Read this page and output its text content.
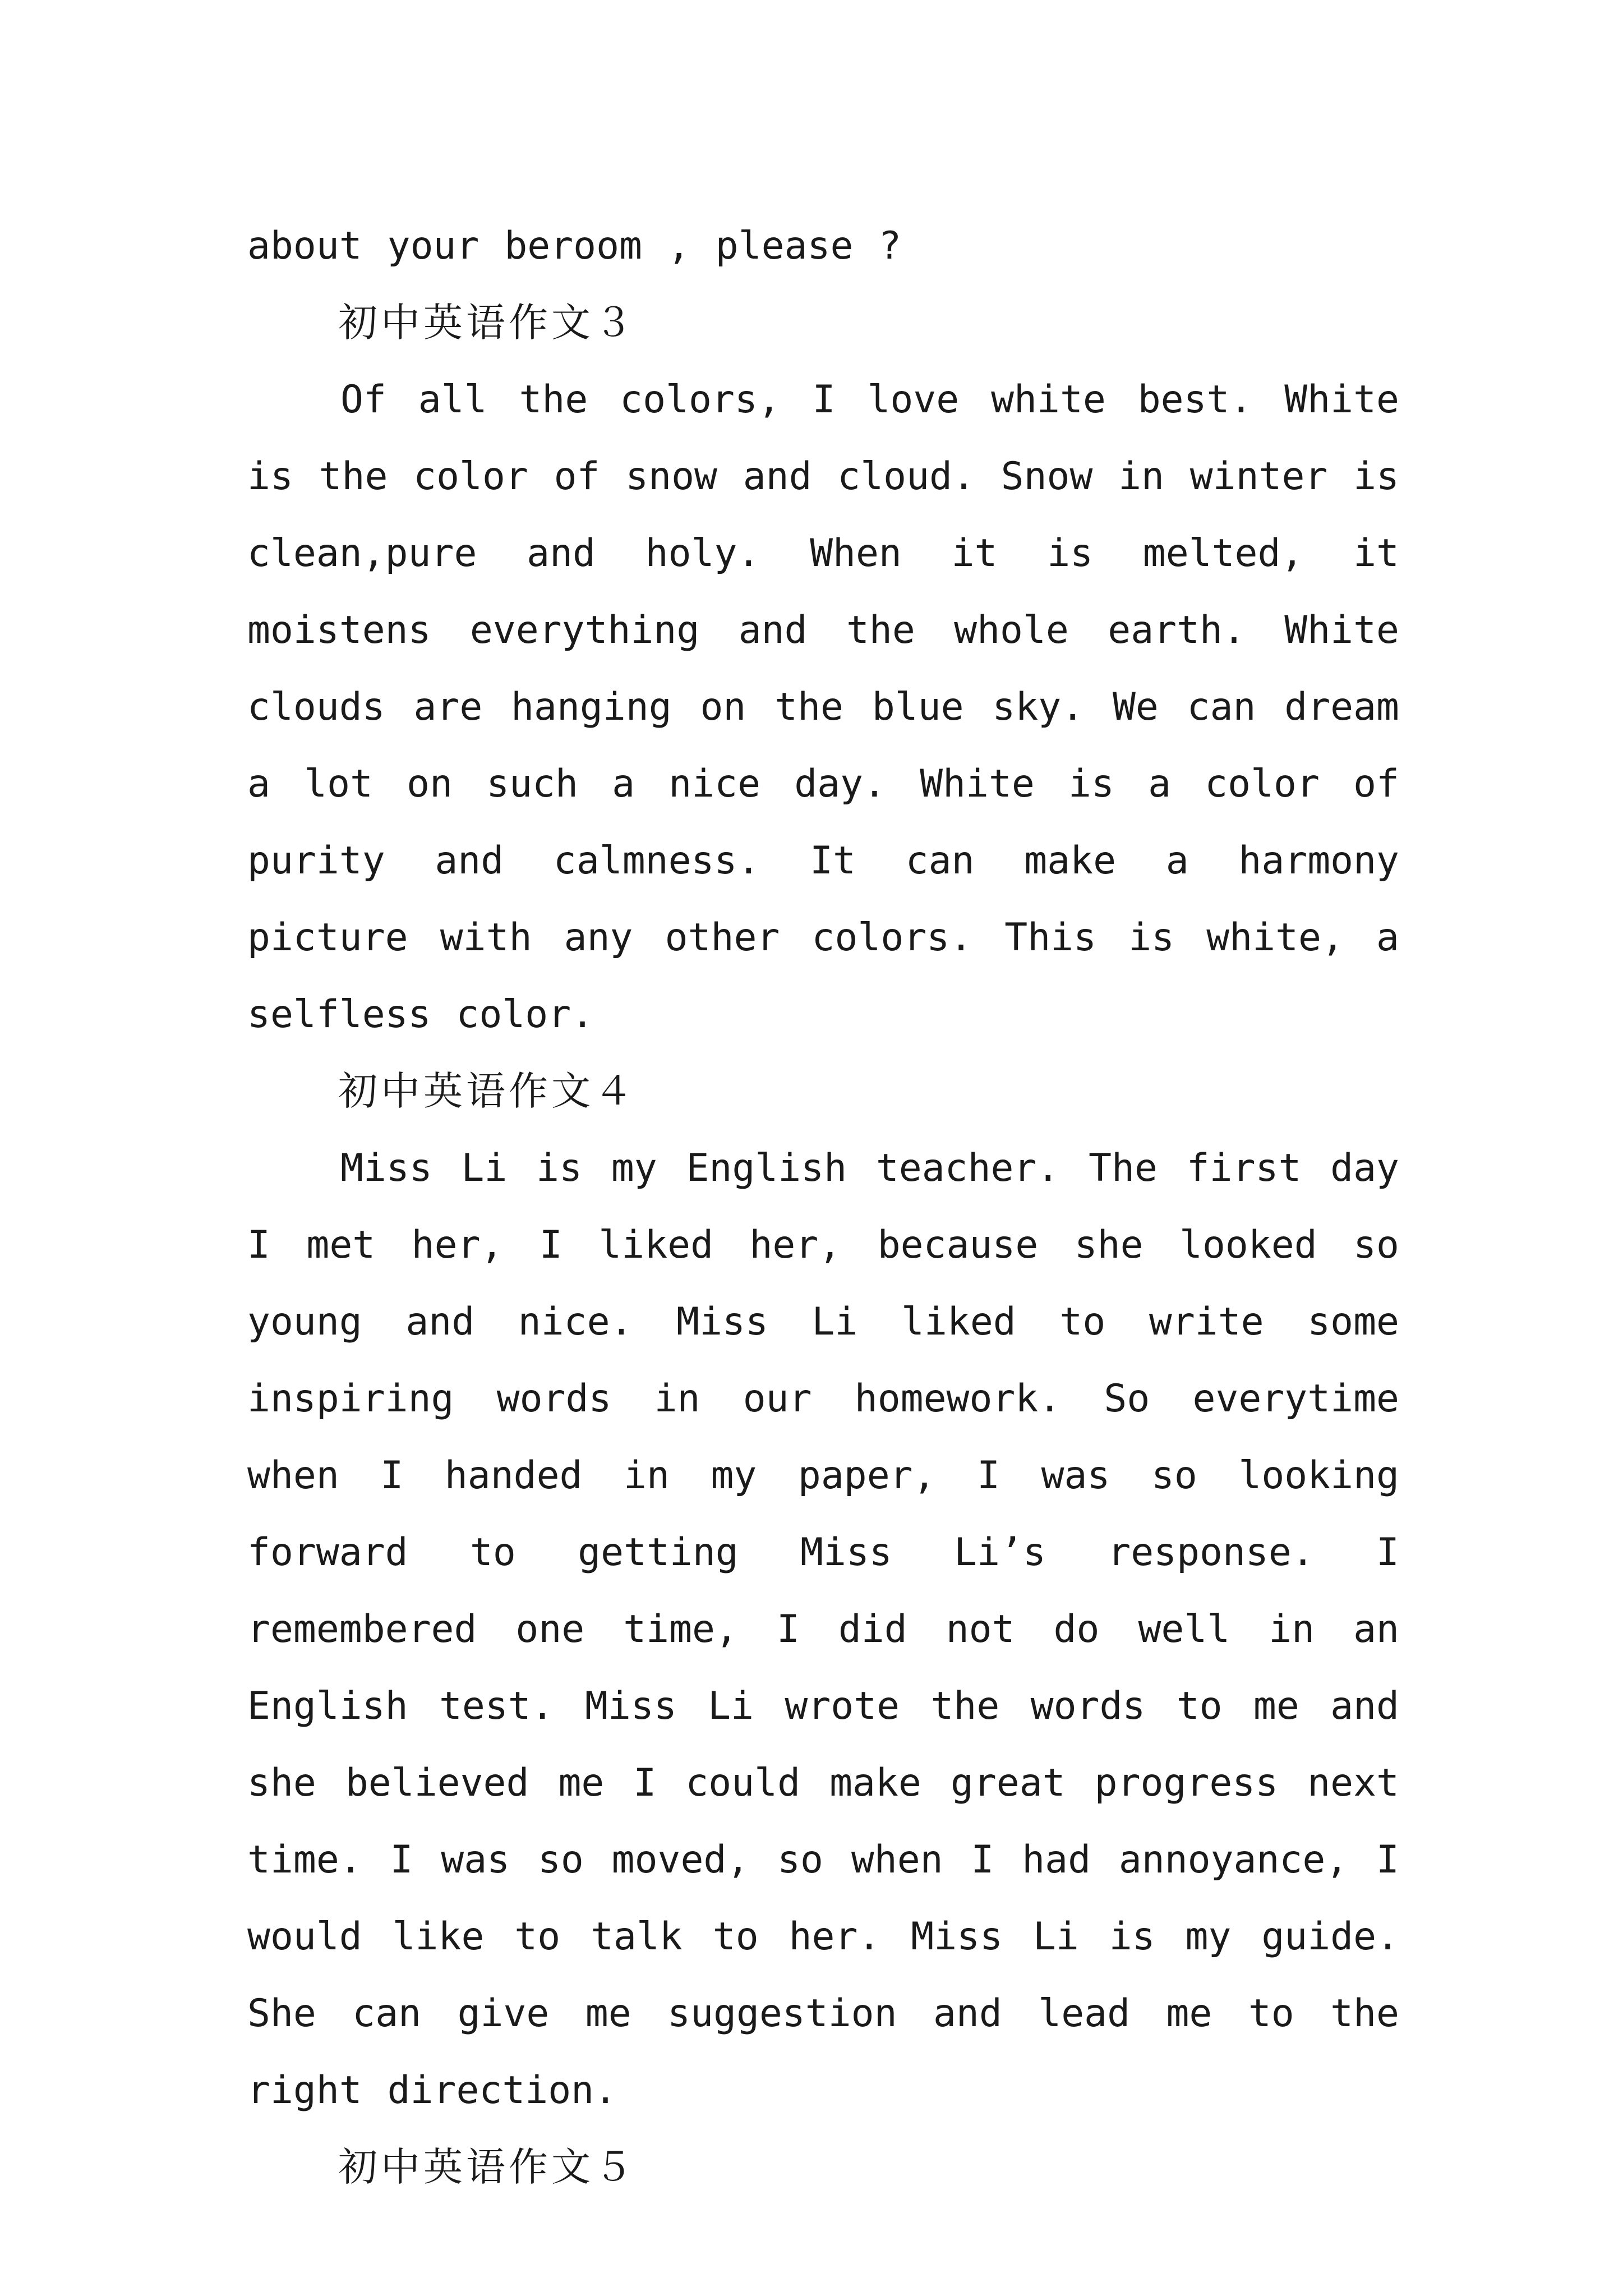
about your beroom , please ?

初中英语作文３

Of all the colors, I love white best. White is the color of snow and cloud. Snow in winter is clean,pure and holy. When it is melted, it moistens everything and the whole earth. White clouds are hanging on the blue sky. We can dream a lot on such a nice day. White is a color of purity and calmness. It can make a harmony picture with any other colors. This is white, a selfless color.

初中英语作文４

Miss Li is my English teacher. The first day I met her, I liked her, because she looked so young and nice. Miss Li liked to write some inspiring words in our homework. So everytime when I handed in my paper, I was so looking forward to getting Miss Li’s response. I remembered one time, I did not do well in an English test. Miss Li wrote the words to me and she believed me I could make great progress next time. I was so moved, so when I had annoyance, I would like to talk to her. Miss Li is my guide. She can give me suggestion and lead me to the right direction.

初中英语作文５
